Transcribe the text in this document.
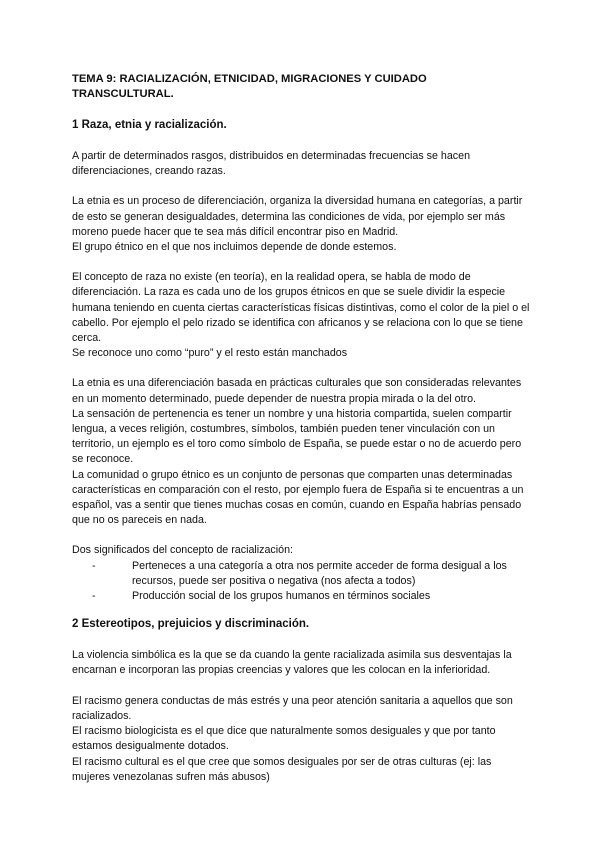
TEMA 9: RACIALIZACIÓN, ETNICIDAD, MIGRACIONES Y CUIDADO TRANSCULTURAL.
1 Raza, etnia y racialización.

A partir de determinados rasgos, distribuidos en determinadas frecuencias se hacen diferenciaciones, creando razas.

La etnia es un proceso de diferenciación, organiza la diversidad humana en categorías, a partir de esto se generan desigualdades, determina las condiciones de vida, por ejemplo ser más moreno puede hacer que te sea más difícil encontrar piso en Madrid.

El grupo étnico en el que nos incluimos depende de donde estemos.

El concepto de raza no existe (en teoría), en la realidad opera, se habla de modo de diferenciación. La raza es cada uno de los grupos étnicos en que se suele dividir la especie humana teniendo en cuenta ciertas características físicas distintivas, como el color de la piel o el cabello. Por ejemplo el pelo rizado se identifica con africanos y se relaciona con lo que se tiene cerca.

Se reconoce uno como “puro” y el resto están manchados

La etnia es una diferenciación basada en prácticas culturales que son consideradas relevantes en un momento determinado, puede depender de nuestra propia mirada o la del otro.

La sensación de pertenencia es tener un nombre y una historia compartida, suelen compartir lengua, a veces religión, costumbres, símbolos, también pueden tener vinculación con un territorio, un ejemplo es el toro como símbolo de España, se puede estar o no de acuerdo pero se reconoce.

La comunidad o grupo étnico es un conjunto de personas que comparten unas determinadas características en comparación con el resto, por ejemplo fuera de España si te encuentras a un español, vas a sentir que tienes muchas cosas en común, cuando en España habrías pensado que no os pareceis en nada.

Dos significados del concepto de racialización:

-	Perteneces a una categoría a otra nos permite acceder de forma desigual a los recursos, puede ser positiva o negativa (nos afecta a todos)
-	Producción social de los grupos humanos en términos sociales
2 Estereotipos, prejuicios y discriminación.

La violencia simbólica es la que se da cuando la gente racializada asimila sus desventajas la encarnan e incorporan las propias creencias y valores que les colocan en la inferioridad.

El racismo genera conductas de más estrés y una peor atención sanitaria a aquellos que son racializados.

El racismo biologicista es el que dice que naturalmente somos desiguales y que por tanto estamos desigualmente dotados.

El racismo cultural es el que cree que somos desiguales por ser de otras culturas (ej: las mujeres venezolanas sufren más abusos)
